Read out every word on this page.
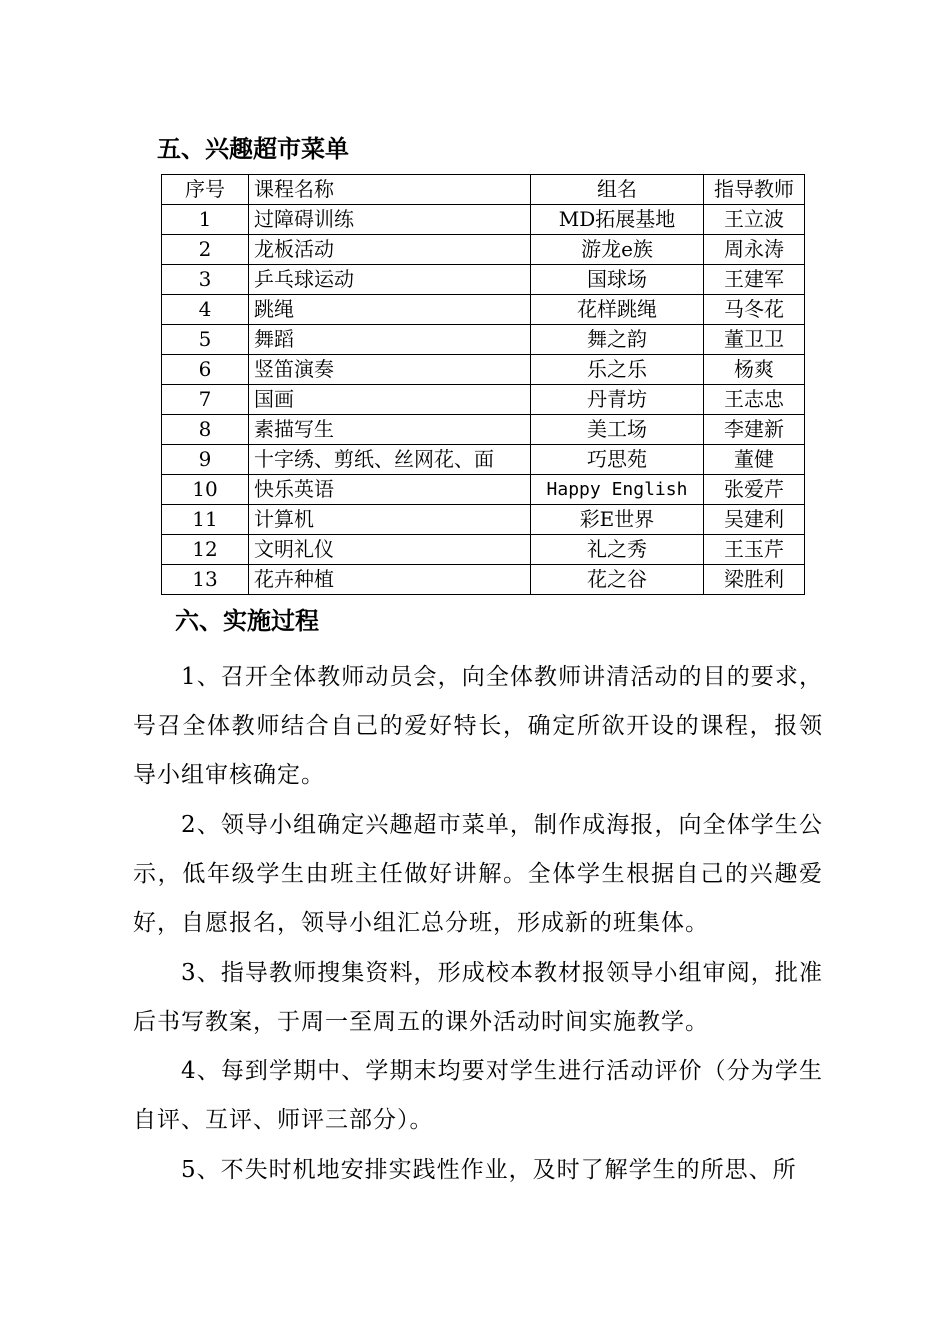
五、兴趣超市菜单
序号	课程名称	组名	指导教师
1	过障碍训练	MD拓展基地	王立波
2	龙板活动	游龙e族	周永涛
3	乒乓球运动	国球场	王建军
4	跳绳	花样跳绳	马冬花
5	舞蹈	舞之韵	董卫卫
6	竖笛演奏	乐之乐	杨爽
7	国画	丹青坊	王志忠
8	素描写生	美工场	李建新
9	十字绣、剪纸、丝网花、面	巧思苑	董健
10	快乐英语	Happy English	张爱芹
11	计算机	彩E世界	吴建利
12	文明礼仪	礼之秀	王玉芹
13	花卉种植	花之谷	梁胜利
六、实施过程

1、召开全体教师动员会，向全体教师讲清活动的目的要求，号召全体教师结合自己的爱好特长，确定所欲开设的课程，报领导小组审核确定。

2、领导小组确定兴趣超市菜单，制作成海报，向全体学生公示，低年级学生由班主任做好讲解。全体学生根据自己的兴趣爱好，自愿报名，领导小组汇总分班，形成新的班集体。

3、指导教师搜集资料，形成校本教材报领导小组审阅，批准后书写教案，于周一至周五的课外活动时间实施教学。

4、每到学期中、学期末均要对学生进行活动评价（分为学生自评、互评、师评三部分）。

5、不失时机地安排实践性作业，及时了解学生的所思、所
